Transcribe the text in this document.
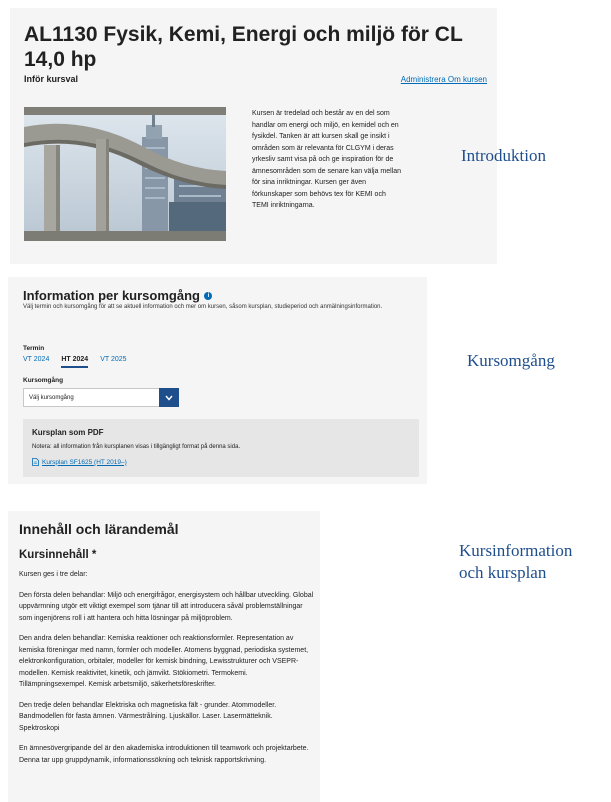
AL1130 Fysik, Kemi, Energi och miljö för CL 14,0 hp
Inför kursval	Administrera Om kursen

Kursen är tredelad och består av en del som handlar om energi och miljö, en kemidel och en fysikdel. Tanken är att kursen skall ge insikt i områden som är relevanta för CLGYM i deras yrkesliv samt visa på och ge inspiration för de ämnesområden som de senare kan välja mellan för sina inriktningar. Kursen ger även förkunskaper som behövs tex för KEMI och TEMI inriktningarna.

Introduktion
Information per kursomgång i

Välj termin och kursomgång för att se aktuell information och mer om kursen, såsom kursplan, studieperiod och anmälningsinformation.

Termin
VT 2024 HT 2024 VT 2025
Kursomgång
Välj kursomgång
Kursplan som PDF

Notera: all information från kursplanen visas i tillgängligt format på denna sida.

Kursplan SF1625 (HT 2019–)
Kursomgång
Innehåll och lärandemål
Kursinnehåll *

Kursen ges i tre delar:

Den första delen behandlar: Miljö och energifrågor, energisystem och hållbar utveckling. Global uppvärmning utgör ett viktigt exempel som tjänar till att introducera såväl problemställningar som ingenjörens roll i att hantera och hitta lösningar på miljöproblem.

Den andra delen behandlar: Kemiska reaktioner och reaktionsformler. Representation av kemiska föreningar med namn, formler och modeller. Atomens byggnad, periodiska systemet, elektronkonfiguration, orbitaler, modeller för kemisk bindning, Lewisstrukturer och VSEPR-modellen. Kemisk reaktivitet, kinetik, och jämvikt. Stökiometri. Termokemi. Tillämpningsexempel. Kemisk arbetsmiljö, säkerhetsföreskrifter.

Den tredje delen behandlar Elektriska och magnetiska fält - grunder. Atommodeller. Bandmodellen för fasta ämnen. Värmestrålning. Ljuskällor. Laser. Lasermätteknik. Spektroskopi

En ämnesövergripande del är den akademiska introduktionen till teamwork och projektarbete. Denna tar upp gruppdynamik, informationssökning och teknisk rapportskrivning.

Kursinformation
och kursplan
